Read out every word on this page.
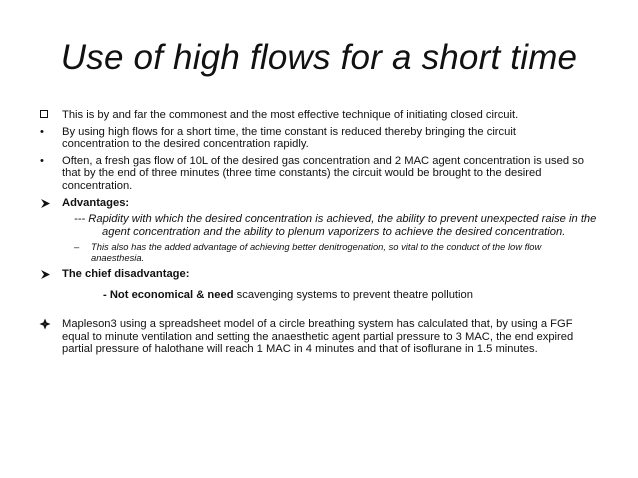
Use of high flows for a short time
This is by and far the commonest and the most effective technique of initiating closed circuit.
• By using high flows for a short time, the time constant is reduced thereby bringing the circuit concentration to the desired concentration rapidly.
• Often, a fresh gas flow of 10L of the desired gas concentration and 2 MAC agent concentration is used so that by the end of three minutes (three time constants) the circuit would be brought to the desired concentration.
Advantages:
--- Rapidity with which the desired concentration is achieved, the ability to prevent unexpected raise in the agent concentration and the ability to plenum vaporizers to achieve the desired concentration.
– This also has the added advantage of achieving better denitrogenation, so vital to the conduct of the low flow anaesthesia.
The chief disadvantage:
- Not economical & need scavenging systems to prevent theatre pollution
Mapleson3 using a spreadsheet model of a circle breathing system has calculated that, by using a FGF equal to minute ventilation and setting the anaesthetic agent partial pressure to 3 MAC, the end expired partial pressure of halothane will reach 1 MAC in 4 minutes and that of isoflurane in 1.5 minutes.
